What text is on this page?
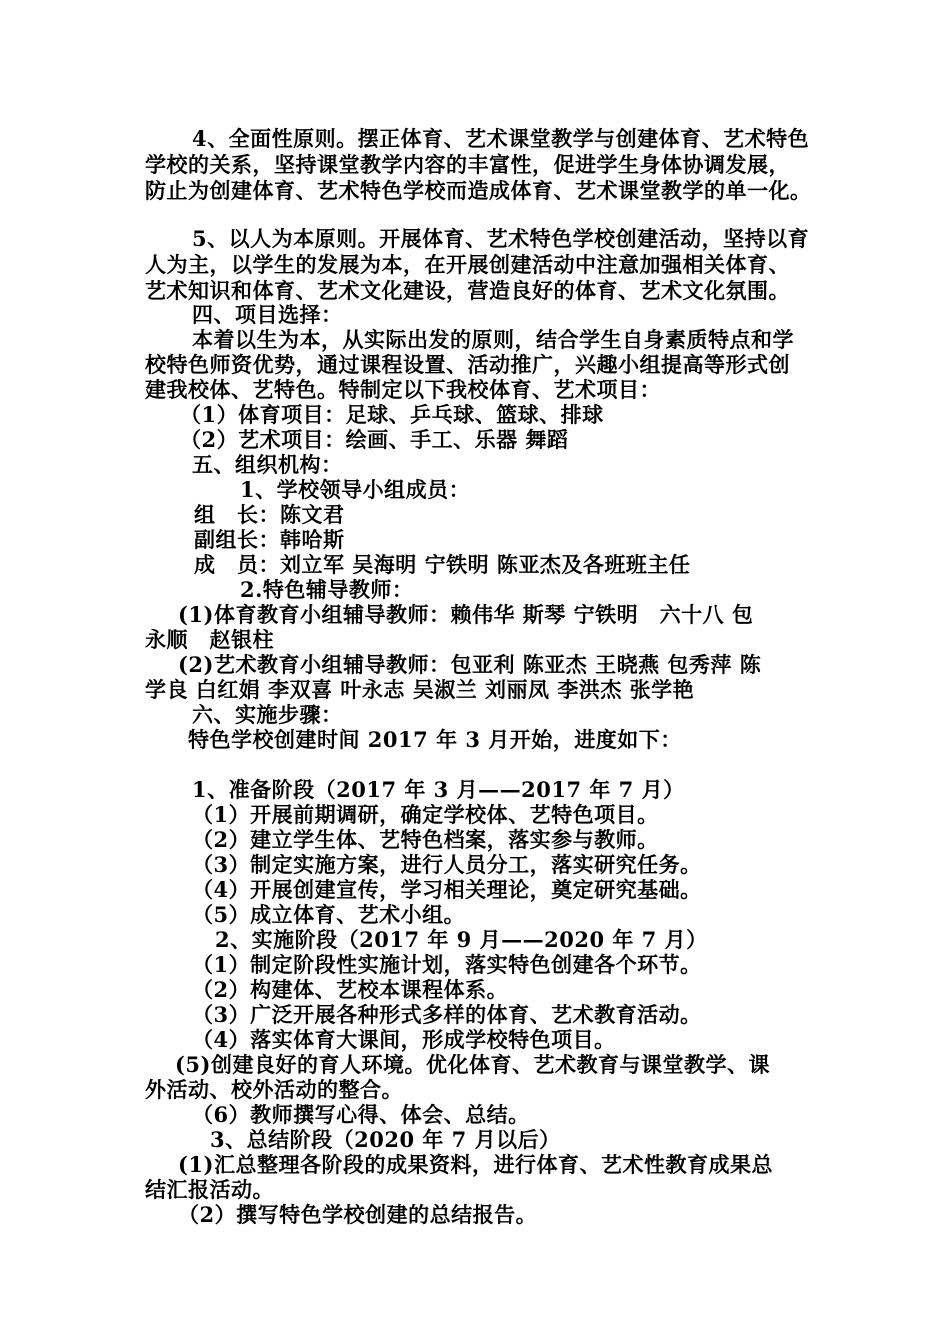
4、全面性原则。摆正体育、艺术课堂教学与创建体育、艺术特色
学校的关系，坚持课堂教学内容的丰富性，促进学生身体协调发展，
防止为创建体育、艺术特色学校而造成体育、艺术课堂教学的单一化。
5、以人为本原则。开展体育、艺术特色学校创建活动，坚持以育
人为主，以学生的发展为本，在开展创建活动中注意加强相关体育、
艺术知识和体育、艺术文化建设，营造良好的体育、艺术文化氛围。
四、项目选择：
本着以生为本，从实际出发的原则，结合学生自身素质特点和学
校特色师资优势，通过课程设置、活动推广，兴趣小组提高等形式创
建我校体、艺特色。特制定以下我校体育、艺术项目：
（1）体育项目：足球、乒乓球、篮球、排球
（2）艺术项目：绘画、手工、乐器 舞蹈
五、组织机构：
1、学校领导小组成员：
组　长：陈文君
副组长：韩哈斯
成　员：刘立军 吴海明 宁铁明 陈亚杰及各班班主任
2.特色辅导教师：
(1)体育教育小组辅导教师：赖伟华 斯琴 宁铁明　六十八 包
永顺　赵银柱
(2)艺术教育小组辅导教师：包亚利 陈亚杰 王晓燕 包秀萍 陈
学良 白红娟 李双喜 叶永志 吴淑兰 刘丽凤 李洪杰 张学艳
六、实施步骤：
特色学校创建时间 2017 年 3 月开始，进度如下：
1、准备阶段（2017 年 3 月——2017 年 7 月）
（1）开展前期调研，确定学校体、艺特色项目。
（2）建立学生体、艺特色档案，落实参与教师。
（3）制定实施方案，进行人员分工，落实研究任务。
（4）开展创建宣传，学习相关理论，奠定研究基础。
（5）成立体育、艺术小组。
2、实施阶段（2017 年 9 月——2020 年 7 月）
（1）制定阶段性实施计划，落实特色创建各个环节。
（2）构建体、艺校本课程体系。
（3）广泛开展各种形式多样的体育、艺术教育活动。
（4）落实体育大课间，形成学校特色项目。
(5)创建良好的育人环境。优化体育、艺术教育与课堂教学、课
外活动、校外活动的整合。
（6）教师撰写心得、体会、总结。
3、总结阶段（2020 年 7 月以后）
(1)汇总整理各阶段的成果资料，进行体育、艺术性教育成果总
结汇报活动。
（2）撰写特色学校创建的总结报告。
